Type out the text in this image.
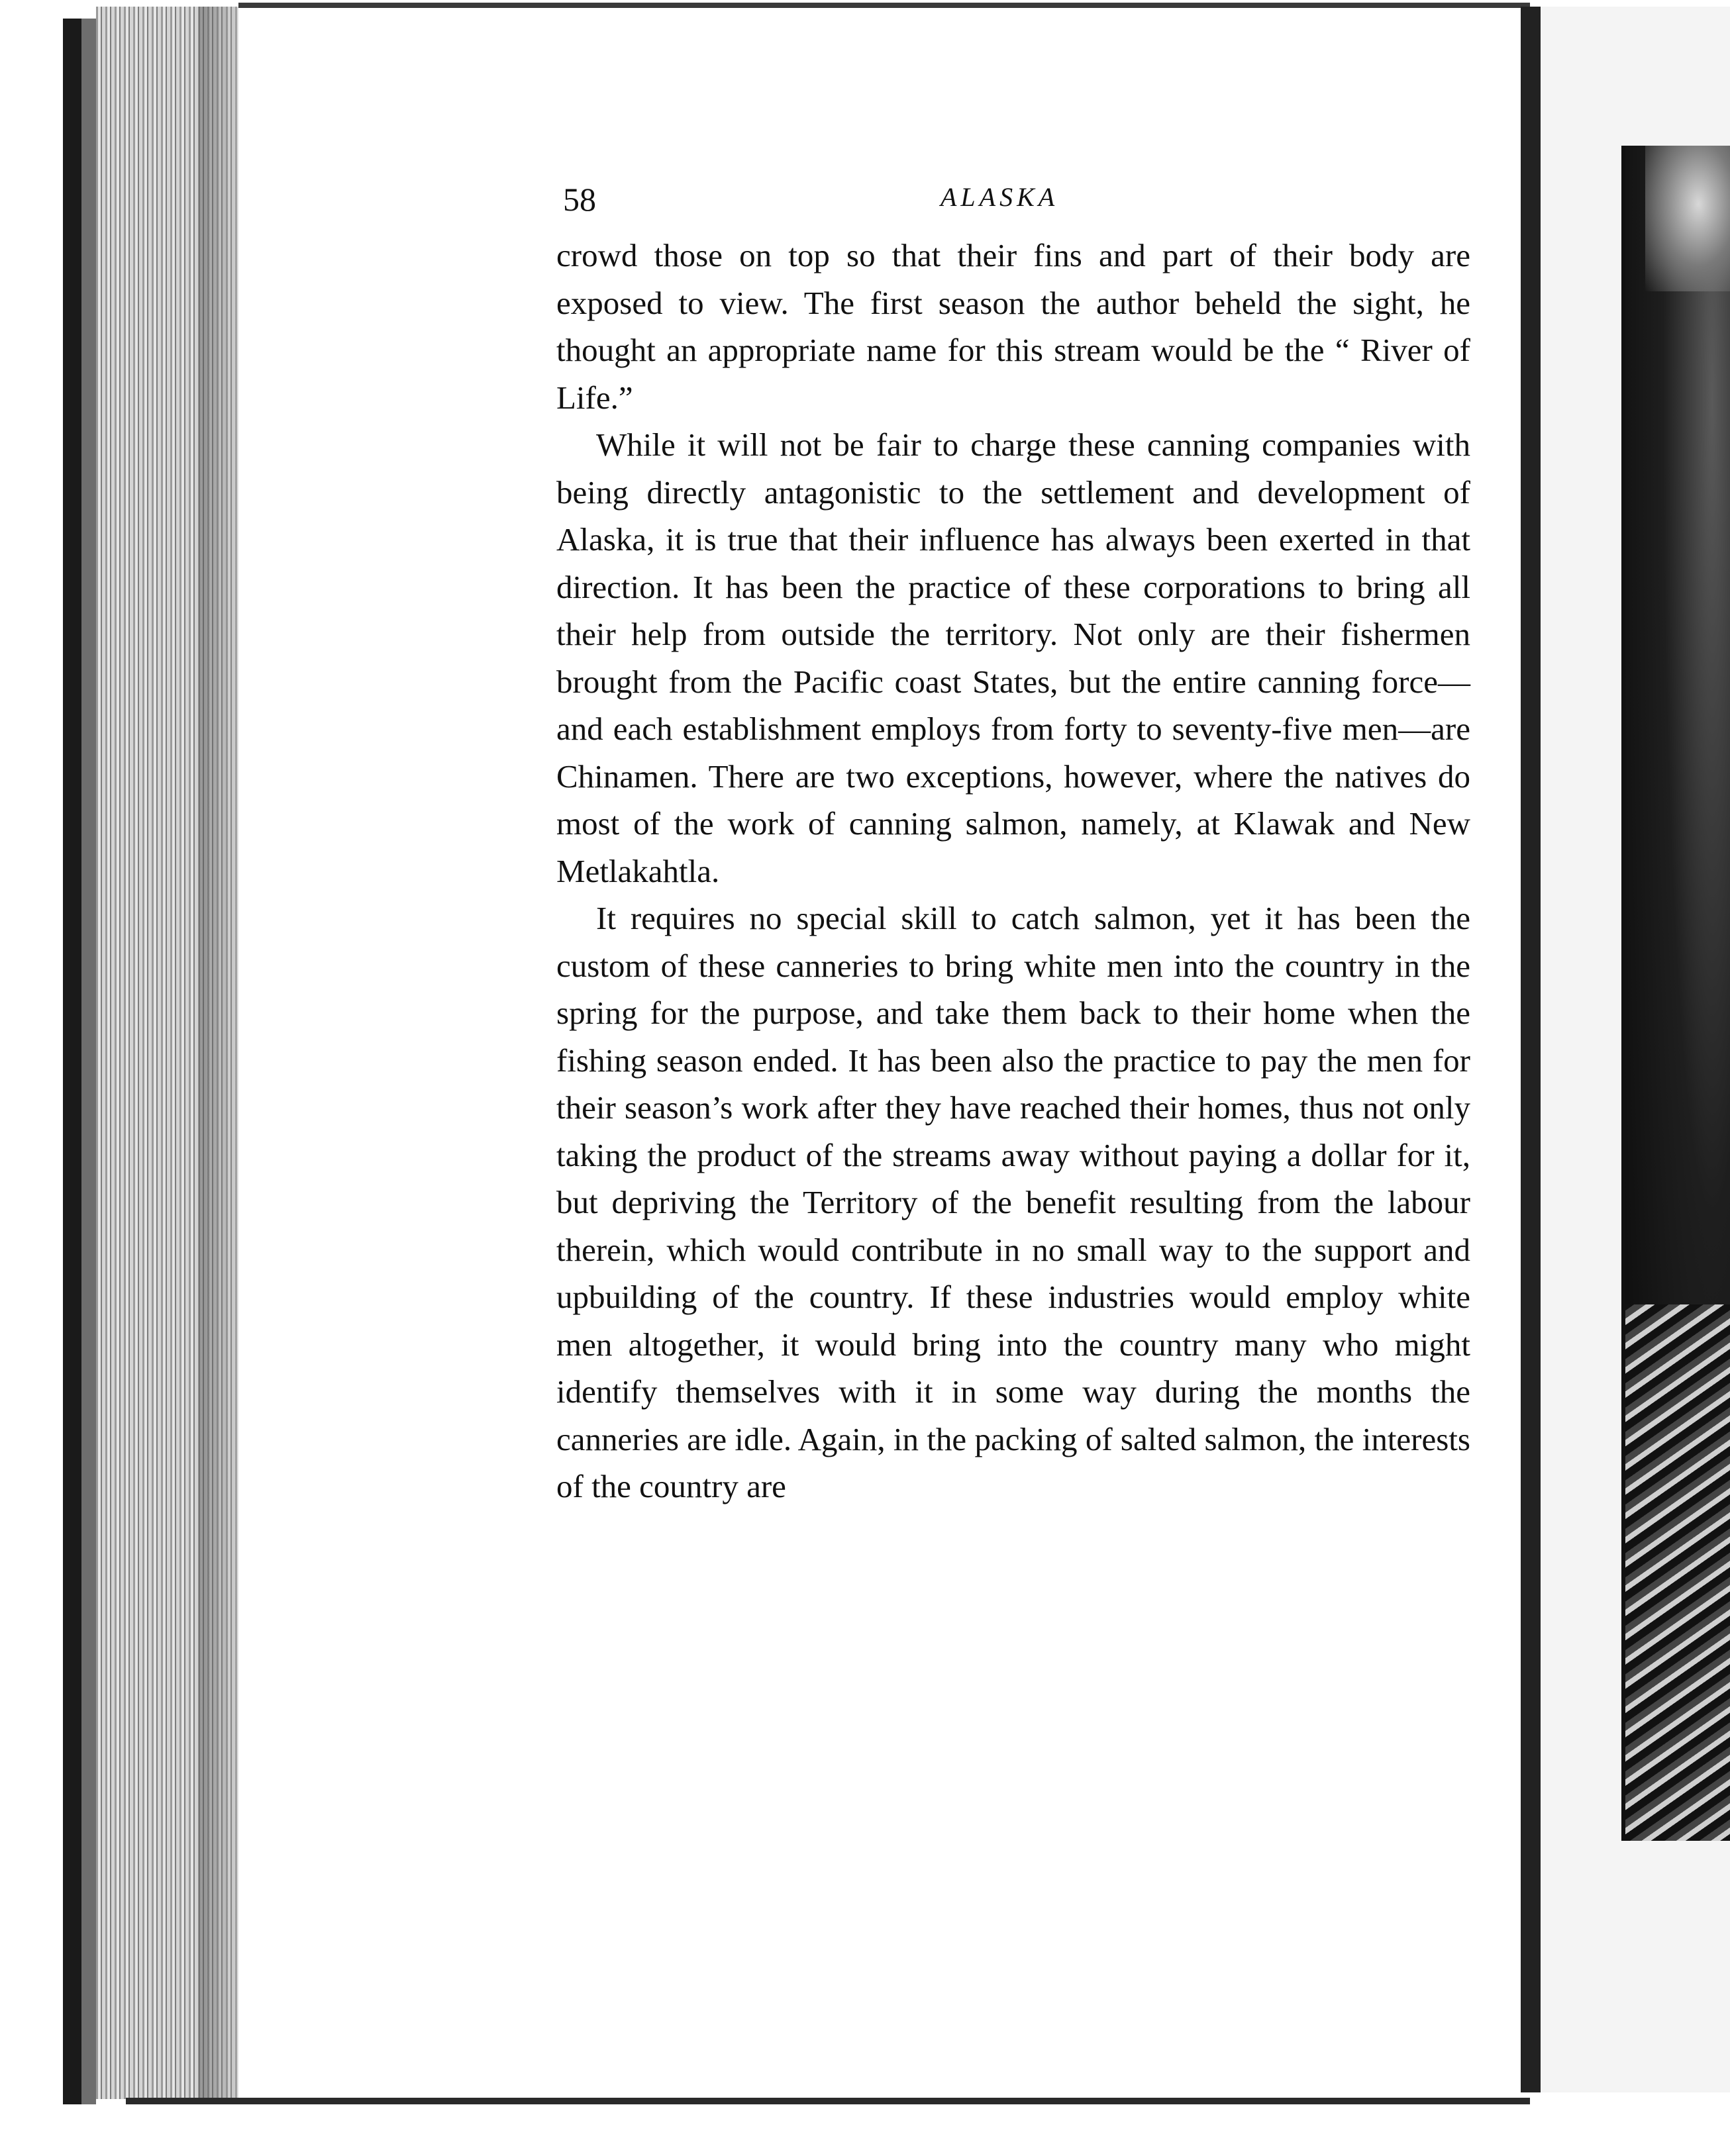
58	ALASKA

crowd those on top so that their fins and part of their body are exposed to view. The first season the author beheld the sight, he thought an appropriate name for this stream would be the “ River of Life.”

While it will not be fair to charge these canning companies with being directly antagonistic to the settlement and development of Alaska, it is true that their influence has always been exerted in that direction. It has been the practice of these corporations to bring all their help from outside the territory. Not only are their fishermen brought from the Pacific coast States, but the entire canning force—and each establishment employs from forty to seventy-five men—are Chinamen. There are two exceptions, however, where the natives do most of the work of canning salmon, namely, at Klawak and New Metlakahtla.

It requires no special skill to catch salmon, yet it has been the custom of these canneries to bring white men into the country in the spring for the purpose, and take them back to their home when the fishing season ended. It has been also the practice to pay the men for their season’s work after they have reached their homes, thus not only taking the product of the streams away without paying a dollar for it, but depriving the Territory of the benefit resulting from the labour therein, which would contribute in no small way to the support and upbuilding of the country. If these industries would employ white men altogether, it would bring into the country many who might identify themselves with it in some way during the months the canneries are idle. Again, in the packing of salted salmon, the interests of the country are
